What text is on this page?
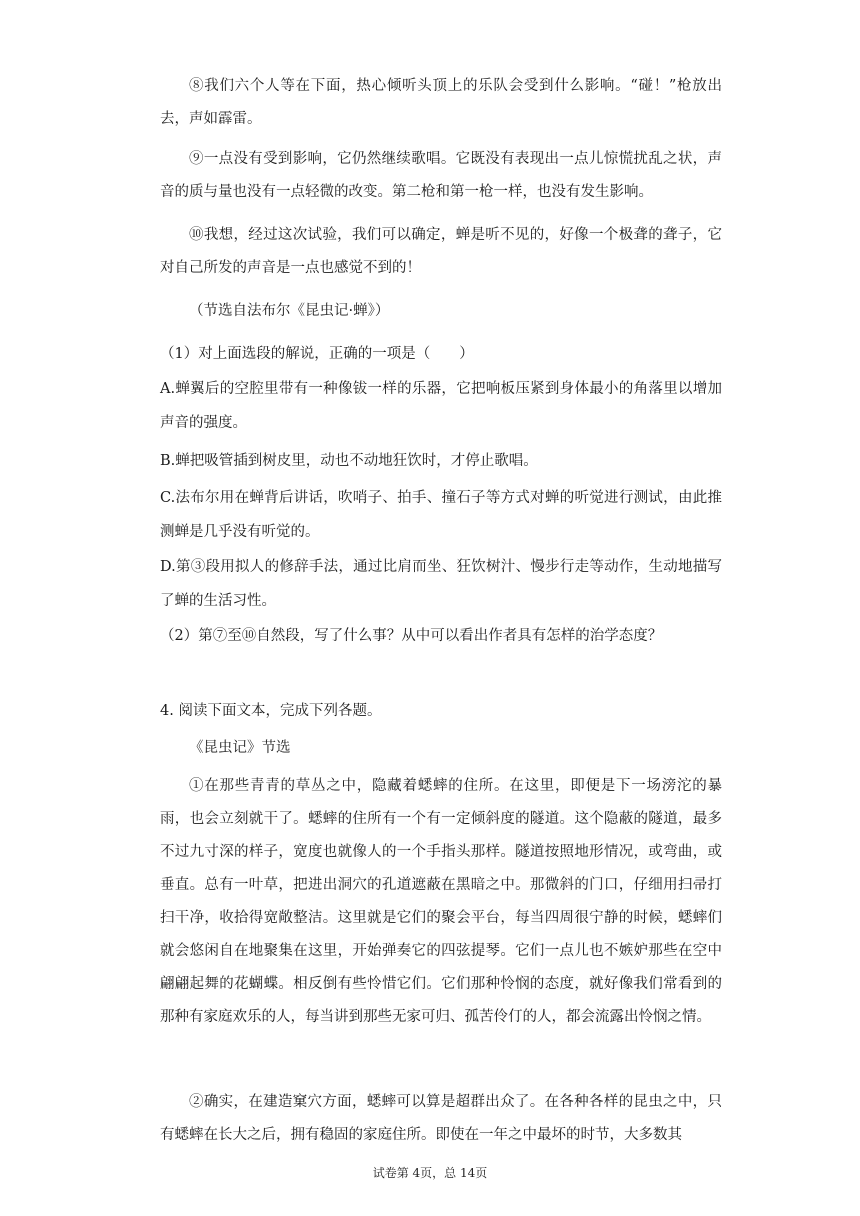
⑧我们六个人等在下面，热心倾听头顶上的乐队会受到什么影响。“碰！”枪放出去，声如霹雷。

⑨一点没有受到影响，它仍然继续歌唱。它既没有表现出一点儿惊慌扰乱之状，声音的质与量也没有一点轻微的改变。第二枪和第一枪一样，也没有发生影响。

⑩我想，经过这次试验，我们可以确定，蝉是听不见的，好像一个极聋的聋子，它对自己所发的声音是一点也感觉不到的！

（节选自法布尔《昆虫记·蝉》）

（1）对上面选段的解说，正确的一项是（　　）

A.蝉翼后的空腔里带有一种像钹一样的乐器，它把响板压紧到身体最小的角落里以增加声音的强度。

B.蝉把吸管插到树皮里，动也不动地狂饮时，才停止歌唱。

C.法布尔用在蝉背后讲话，吹哨子、拍手、撞石子等方式对蝉的听觉进行测试，由此推测蝉是几乎没有听觉的。

D.第③段用拟人的修辞手法，通过比肩而坐、狂饮树汁、慢步行走等动作，生动地描写了蝉的生活习性。

（2）第⑦至⑩自然段，写了什么事？从中可以看出作者具有怎样的治学态度？

4. 阅读下面文本，完成下列各题。

《昆虫记》节选

①在那些青青的草丛之中，隐藏着蟋蟀的住所。在这里，即便是下一场滂沱的暴雨，也会立刻就干了。蟋蟀的住所有一个有一定倾斜度的隧道。这个隐蔽的隧道，最多不过九寸深的样子，宽度也就像人的一个手指头那样。隧道按照地形情况，或弯曲，或垂直。总有一叶草，把进出洞穴的孔道遮蔽在黑暗之中。那微斜的门口，仔细用扫帚打扫干净，收拾得宽敞整洁。这里就是它们的聚会平台，每当四周很宁静的时候，蟋蟀们就会悠闲自在地聚集在这里，开始弹奏它的四弦提琴。它们一点儿也不嫉妒那些在空中翩翩起舞的花蝴蝶。相反倒有些怜惜它们。它们那种怜悯的态度，就好像我们常看到的那种有家庭欢乐的人，每当讲到那些无家可归、孤苦伶仃的人，都会流露出怜悯之情。

②确实，在建造窠穴方面，蟋蟀可以算是超群出众了。在各种各样的昆虫之中，只有蟋蟀在长大之后，拥有稳固的家庭住所。即使在一年之中最坏的时节，大多数其

试卷第 4页，总 14页
